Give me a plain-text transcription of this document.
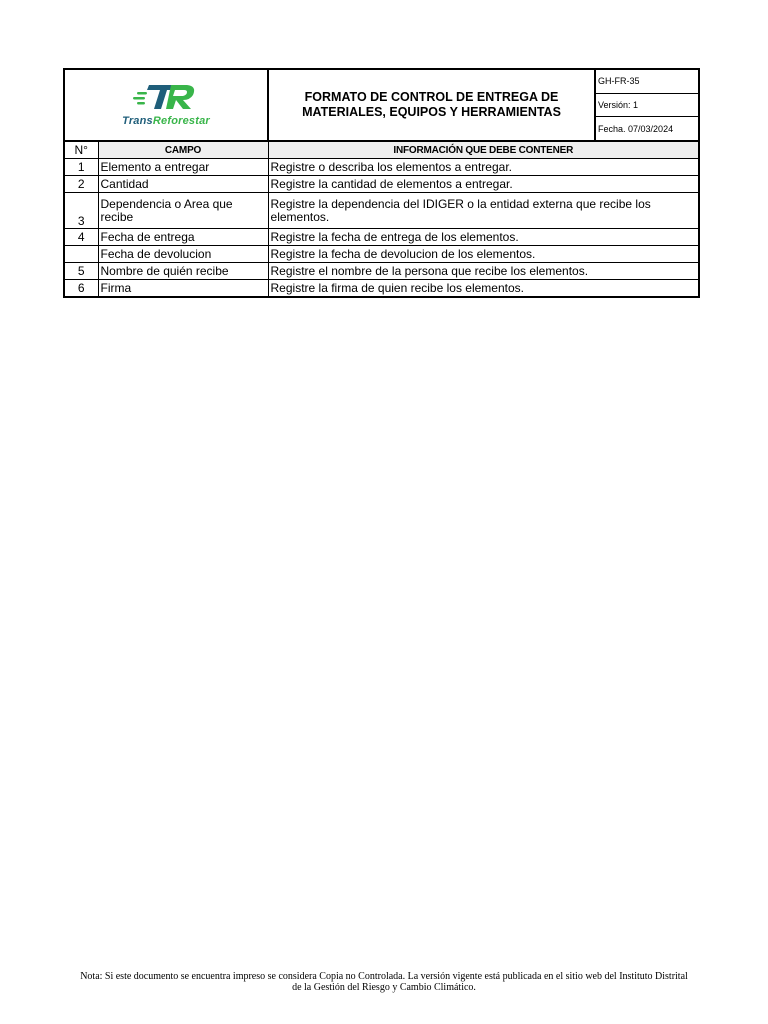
TransReforestar		FORMATO DE CONTROL DE ENTREGA DE
MATERIALES, EQUIPOS Y HERRAMIENTAS	GH-FR-35
			Versión: 1
			Fecha. 07/03/2024
N°	CAMPO	INFORMACIÓN QUE DEBE CONTENER	
1	Elemento a entregar	Registre o describa los elementos a entregar.	
2	Cantidad	Registre la cantidad de elementos a entregar.	
3	Dependencia o Area que recibe	Registre la dependencia del IDIGER o la entidad externa que recibe los elementos.	
4	Fecha de entrega	Registre la fecha de entrega de los elementos.	
	Fecha de devolucion	Registre la fecha de devolucion de los elementos.	
5	Nombre de quién recibe	Registre el nombre de la persona que recibe los elementos.	
6	Firma	Registre la firma de quien recibe los elementos.	
Nota: Si este documento se encuentra impreso se considera Copia no Controlada. La versión vigente está publicada en el sitio web del Instituto Distrital
de la Gestión del Riesgo y Cambio Climático.
